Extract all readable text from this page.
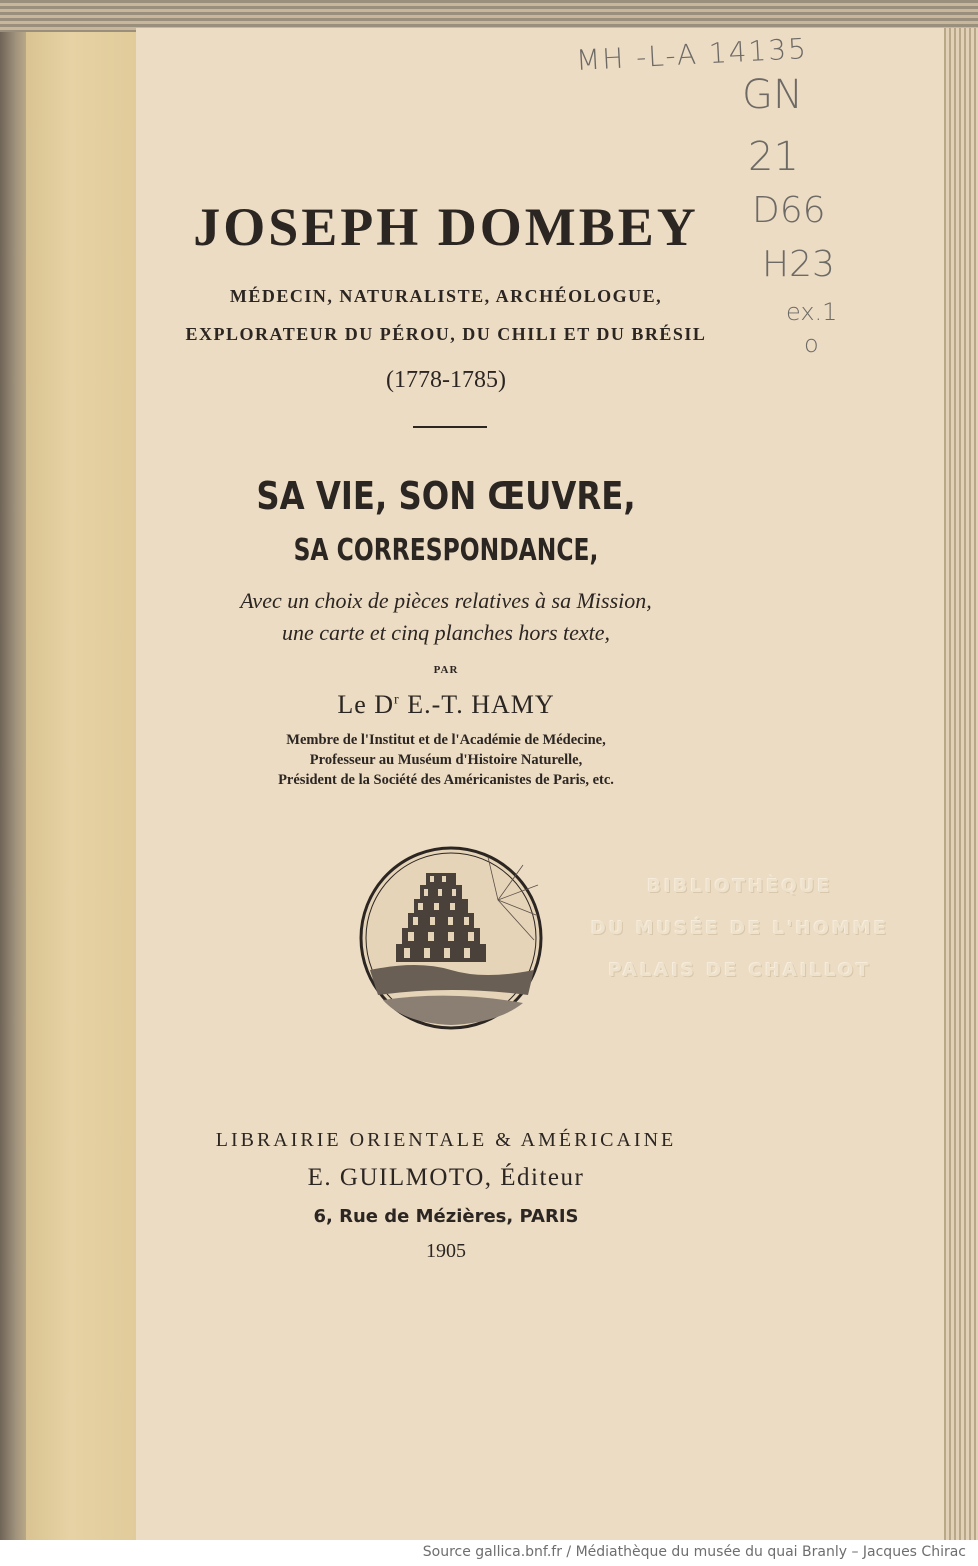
JOSEPH DOMBEY
MÉDECIN, NATURALISTE, ARCHÉOLOGUE,
EXPLORATEUR DU PÉROU, DU CHILI ET DU BRÉSIL
(1778-1785)
SA VIE, SON ŒUVRE,
SA CORRESPONDANCE,
Avec un choix de pièces relatives à sa Mission,
une carte et cinq planches hors texte,
PAR
Le $D^r$ E.-T. HAMY
Membre de l'Institut et de l'Académie de Médecine,
Professeur au Muséum d'Histoire Naturelle,
Président de la Société des Américanistes de Paris, etc.
BIBLIOTHÈQUE
DU MUSÉE DE L'HOMME
PALAIS DE CHAILLOT
LIBRAIRIE ORIENTALE & AMÉRICAINE
E. GUILMOTO, Éditeur
6, Rue de Mézières, PARIS
1905
MH -L-A 14135
GN
21
D66
H23
ex.1
o
Source gallica.bnf.fr / Médiathèque du musée du quai Branly – Jacques Chirac
